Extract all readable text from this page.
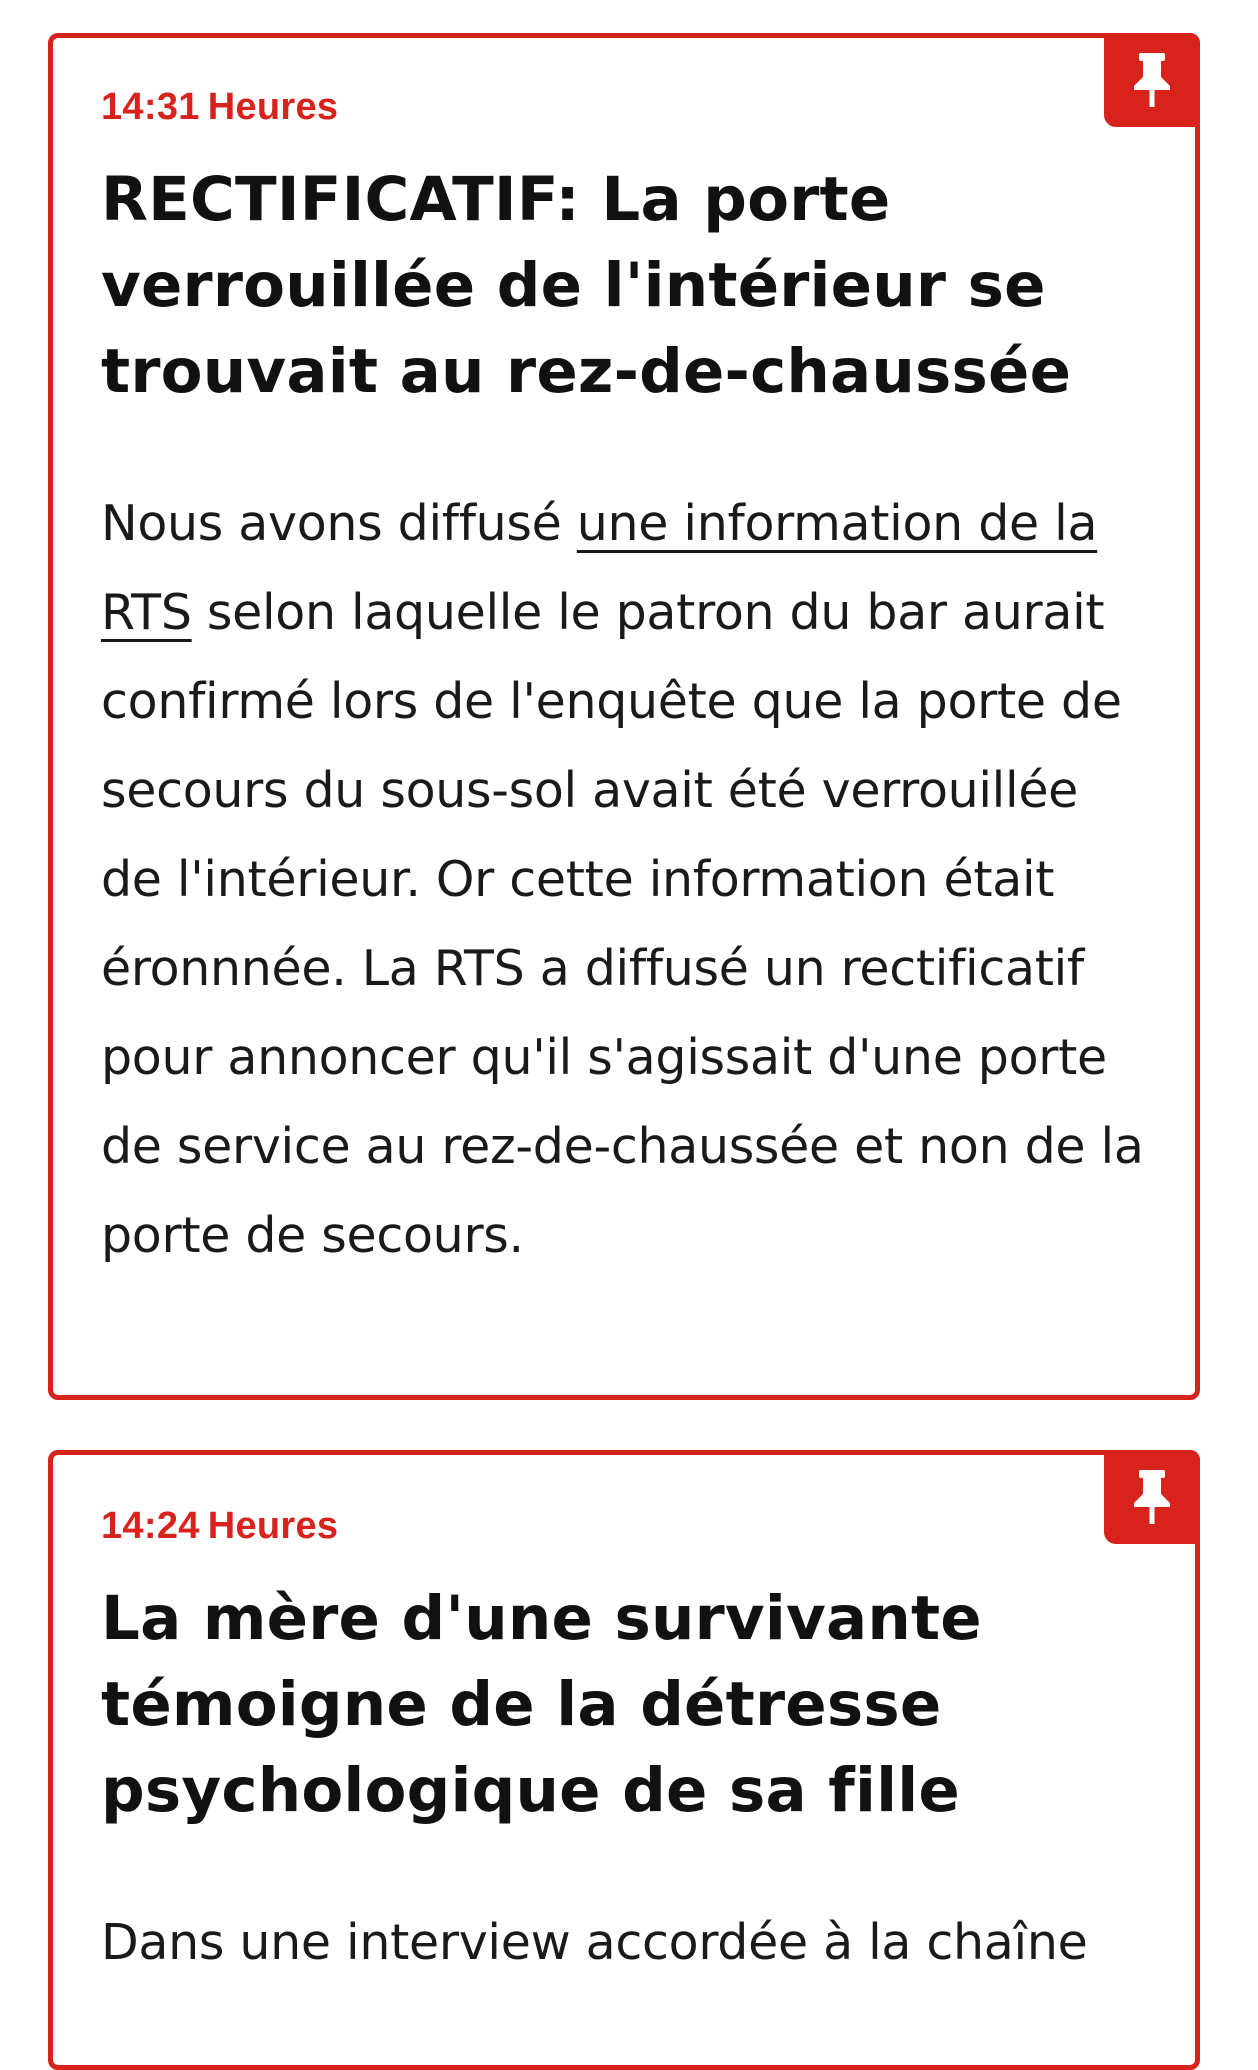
14:31 Heures
RECTIFICATIF: La porte verrouillée de l'intérieur se trouvait au rez-de-chaussée

Nous avons diffusé une information de la RTS selon laquelle le patron du bar aurait confirmé lors de l'enquête que la porte de secours du sous-sol avait été verrouillée de l'intérieur. Or cette information était éronnnée. La RTS a diffusé un rectificatif pour annoncer qu'il s'agissait d'une porte de service au rez-de-chaussée et non de la porte de secours.

14:24 Heures
La mère d'une survivante témoigne de la détresse psychologique de sa fille

Dans une interview accordée à la chaîne
